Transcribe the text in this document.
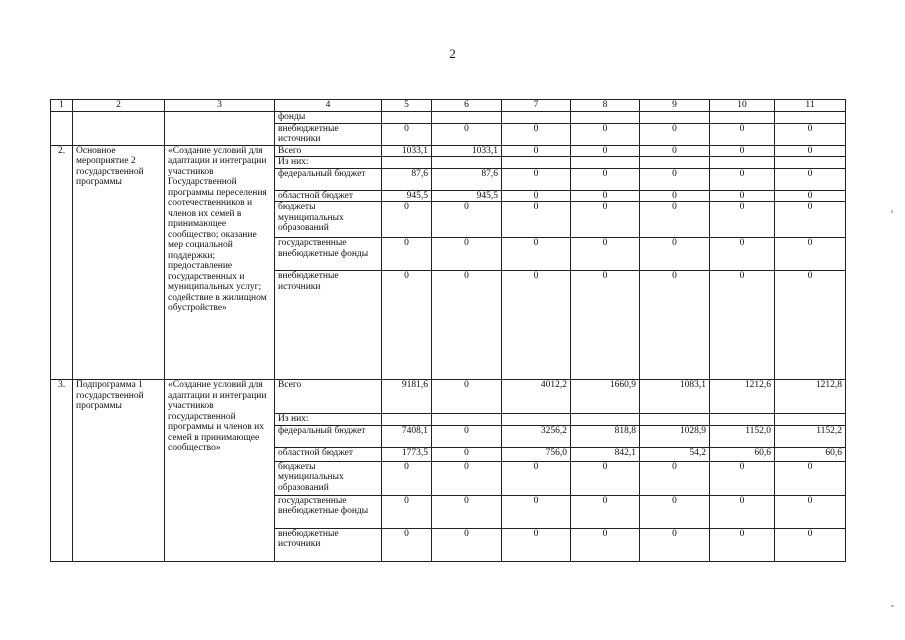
2
1	2	3	4	5	6	7	8	9	10	11
			фонды							
			внебюджетные источники	0	0	0	0	0	0	0
2.	Основное мероприятие 2 государственной программы	«Создание условий для адаптации и интеграции участников Государственной программы переселения соотечественников и членов их семей в принимающее сообщество; оказание мер социальной поддержки; предоставление государственных и муниципальных услуг; содействие в жилищном обустройстве»	Всего	1033,1	1033,1	0	0	0	0	0
			Из них:							
			федеральный бюджет	87,6	87,6	0	0	0	0	0
			областной бюджет	945,5	945,5	0	0	0	0	0
			бюджеты муниципальных образований	0	0	0	0	0	0	0
			государственные внебюджетные фонды	0	0	0	0	0	0	0
			внебюджетные источники	0	0	0	0	0	0	0
3.	Подпрограмма 1 государственной программы	«Создание условий для адаптации и интеграции участников государственной программы и членов их семей в принимающее сообщество»	Всего	9181,6	0	4012,2	1660,9	1083,1	1212,6	1212,8
			Из них:							
			федеральный бюджет	7408,1	0	3256,2	818,8	1028,9	1152,0	1152,2
			областной бюджет	1773,5	0	756,0	842,1	54,2	60,6	60,6
			бюджеты муниципальных образований	0	0	0	0	0	0	0
			государственные внебюджетные фонды	0	0	0	0	0	0	0
			внебюджетные источники	0	0	0	0	0	0	0
